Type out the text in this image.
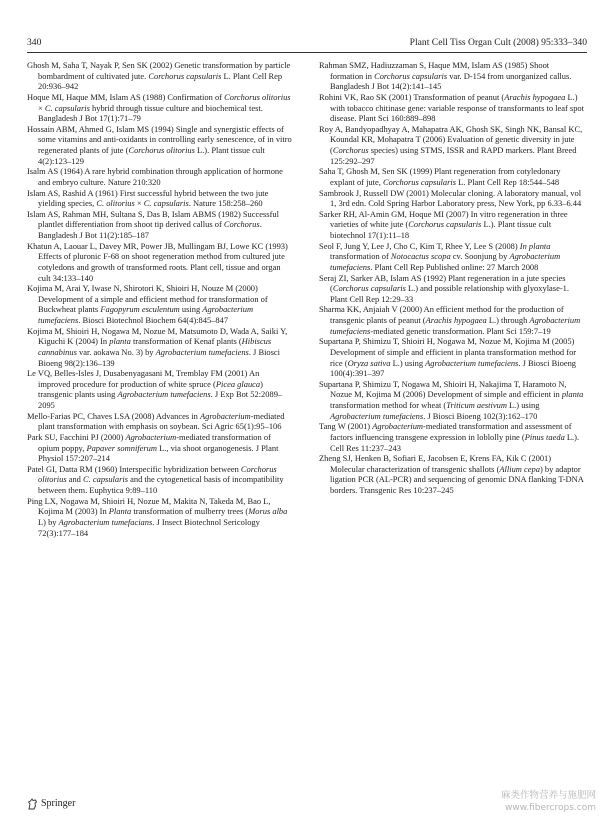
340	Plant Cell Tiss Organ Cult (2008) 95:333–340

Ghosh M, Saha T, Nayak P, Sen SK (2002) Genetic transformation by particle bombardment of cultivated jute. Corchorus capsularis L. Plant Cell Rep 20:936–942

Hoque MI, Haque MM, Islam AS (1988) Confirmation of Corchorus olitorius × C. capsularis hybrid through tissue culture and biochemical test. Bangladesh J Bot 17(1):71–79

Hossain ABM, Ahmed G, Islam MS (1994) Single and synergistic effects of some vitamins and anti-oxidants in controlling early senescence, of in vitro regenerated plants of jute (Corchorus olitorius L.). Plant tissue cult 4(2):123–129

Isalm AS (1964) A rare hybrid combination through application of hormone and embryo culture. Nature 210:320

Islam AS, Rashid A (1961) First successful hybrid between the two jute yielding species, C. olitorius × C. capsularis. Nature 158:258–260

Islam AS, Rahman MH, Sultana S, Das B, Islam ABMS (1982) Successful plantlet differentiation from shoot tip derived callus of Corchorus. Bangladesh J Bot 11(2):185–187

Khatun A, Laouar L, Davey MR, Power JB, Mullingam BJ, Lowe KC (1993) Effects of pluronic F-68 on shoot regeneration method from cultured jute cotyledons and growth of transformed roots. Plant cell, tissue and organ cult 34:133–140

Kojima M, Arai Y, Iwase N, Shirotori K, Shioiri H, Nouze M (2000) Development of a simple and efficient method for transformation of Buckwheat plants Fagopyrum esculentum using Agrobacterium tumefaciens. Biosci Biotechnol Biochem 64(4):845–847

Kojima M, Shioiri H, Nogawa M, Nozue M, Matsumoto D, Wada A, Saiki Y, Kiguchi K (2004) In planta transformation of Kenaf plants (Hibiscus cannabinus var. aokawa No. 3) by Agrobacterium tumefaciens. J Biosci Bioeng 98(2):136–139

Le VQ, Belles-Isles J, Dusabenyagasani M, Tremblay FM (2001) An improved procedure for production of white spruce (Picea glauca) transgenic plants using Agrobacterium tumefaciens. J Exp Bot 52:2089–2095

Mello-Farias PC, Chaves LSA (2008) Advances in Agrobacterium-mediated plant transformation with emphasis on soybean. Sci Agric 65(1):95–106

Park SU, Facchini PJ (2000) Agrobacterium-mediated transformation of opium poppy, Papaver somniferum L., via shoot organogenesis. J Plant Physiol 157:207–214

Patel GI, Datta RM (1960) Interspecific hybridization between Corchorus olitorius and C. capsularis and the cytogenetical basis of incompatibility between them. Euphytica 9:89–110

Ping LX, Nogawa M, Shioiri H, Nozue M, Makita N, Takeda M, Bao L, Kojima M (2003) In Planta transformation of mulberry trees (Morus alba L) by Agrobacterium tumefacians. J Insect Biotechnol Sericology 72(3):177–184

Rahman SMZ, Hadiuzzaman S, Haque MM, Islam AS (1985) Shoot formation in Corchorus capsularis var. D-154 from unorganized callus. Bangladesh J Bot 14(2):141–145

Rohini VK, Rao SK (2001) Transformation of peanut (Arachis hypogaea L.) with tobacco chitinase gene: variable response of transformants to leaf spot disease. Plant Sci 160:889–898

Roy A, Bandyopadhyay A, Mahapatra AK, Ghosh SK, Singh NK, Bansal KC, Koundal KR, Mohapatra T (2006) Evaluation of genetic diversity in jute (Corchorus species) using STMS, ISSR and RAPD markers. Plant Breed 125:292–297

Saha T, Ghosh M, Sen SK (1999) Plant regeneration from cotyledonary explant of jute, Corchorus capsularis L. Plant Cell Rep 18:544–548

Sambrook J, Russell DW (2001) Molecular cloning. A laboratory manual, vol 1, 3rd edn. Cold Spring Harbor Laboratory press, New York, pp 6.33–6.44

Sarker RH, Al-Amin GM, Hoque MI (2007) In vitro regeneration in three varieties of white jute (Corchorus capsularis L.). Plant tissue cult biotechnol 17(1):11–18

Seol F, Jung Y, Lee J, Cho C, Kim T, Rhee Y, Lee S (2008) In planta transformation of Notocactus scopa cv. Soonjung by Agrobacterium tumefaciens. Plant Cell Rep Published online: 27 March 2008

Seraj ZI, Sarker AB, Islam AS (1992) Plant regeneration in a jute species (Corchorus capsularis L.) and possible relationship with glyoxylase-1. Plant Cell Rep 12:29–33

Sharma KK, Anjaiah V (2000) An efficient method for the production of transgenic plants of peanut (Arachis hypogaea L.) through Agrobacterium tumefaciens-mediated genetic transformation. Plant Sci 159:7–19

Supartana P, Shimizu T, Shioiri H, Nogawa M, Nozue M, Kojima M (2005) Development of simple and efficient in planta transformation method for rice (Oryza sativa L.) using Agrobacterium tumefaciens. J Biosci Bioeng 100(4):391–397

Supartana P, Shimizu T, Nogawa M, Shioiri H, Nakajima T, Haramoto N, Nozue M, Kojima M (2006) Development of simple and efficient in planta transformation method for wheat (Triticum aestivum L.) using Agrobacterium tumefaciens. J Biosci Bioeng 102(3):162–170

Tang W (2001) Agrobacterium-mediated transformation and assessment of factors influencing transgene expression in loblolly pine (Pinus taeda L.). Cell Res 11:237–243

Zheng SJ, Henken B, Sofiari E, Jacobsen E, Krens FA, Kik C (2001) Molecular characterization of transgenic shallots (Allium cepa) by adaptor ligation PCR (AL-PCR) and sequencing of genomic DNA flanking T-DNA borders. Transgenic Res 10:237–245

Springer
麻类作物营养与施肥网
www.fibercrops.com
